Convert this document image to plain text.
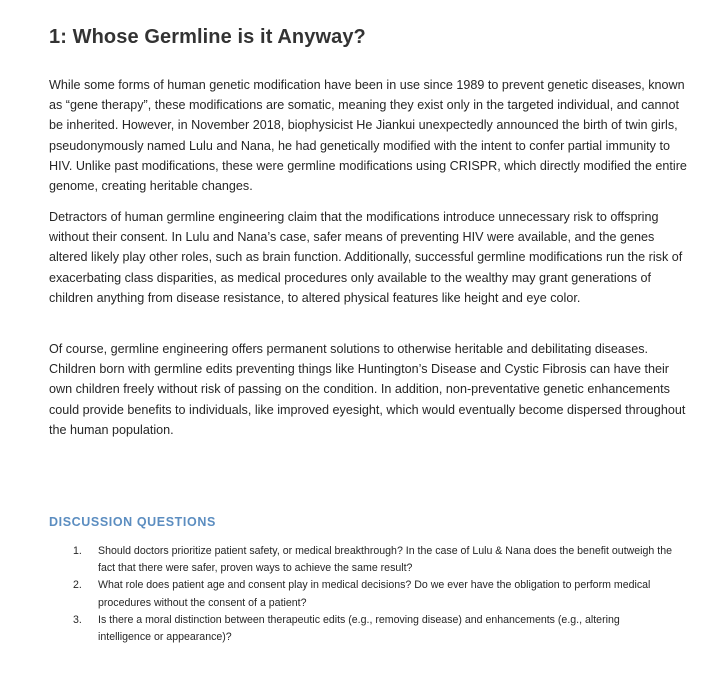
1: Whose Germline is it Anyway?

While some forms of human genetic modification have been in use since 1989 to prevent genetic diseases, known as “gene therapy”, these modifications are somatic, meaning they exist only in the targeted individual, and cannot be inherited. However, in November 2018, biophysicist He Jiankui unexpectedly announced the birth of twin girls, pseudonymously named Lulu and Nana, he had genetically modified with the intent to confer partial immunity to HIV. Unlike past modifications, these were germline modifications using CRISPR, which directly modified the entire genome, creating heritable changes.

Detractors of human germline engineering claim that the modifications introduce unnecessary risk to offspring without their consent. In Lulu and Nana’s case, safer means of preventing HIV were available, and the genes altered likely play other roles, such as brain function. Additionally, successful germline modifications run the risk of exacerbating class disparities, as medical procedures only available to the wealthy may grant generations of children anything from disease resistance, to altered physical features like height and eye color.

Of course, germline engineering offers permanent solutions to otherwise heritable and debilitating diseases. Children born with germline edits preventing things like Huntington’s Disease and Cystic Fibrosis can have their own children freely without risk of passing on the condition. In addition, non-preventative genetic enhancements could provide benefits to individuals, like improved eyesight, which would eventually become dispersed throughout the human population.

DISCUSSION QUESTIONS
1. Should doctors prioritize patient safety, or medical breakthrough? In the case of Lulu & Nana does the benefit outweigh the fact that there were safer, proven ways to achieve the same result?
2. What role does patient age and consent play in medical decisions? Do we ever have the obligation to perform medical procedures without the consent of a patient?
3. Is there a moral distinction between therapeutic edits (e.g., removing disease) and enhancements (e.g., altering intelligence or appearance)?
